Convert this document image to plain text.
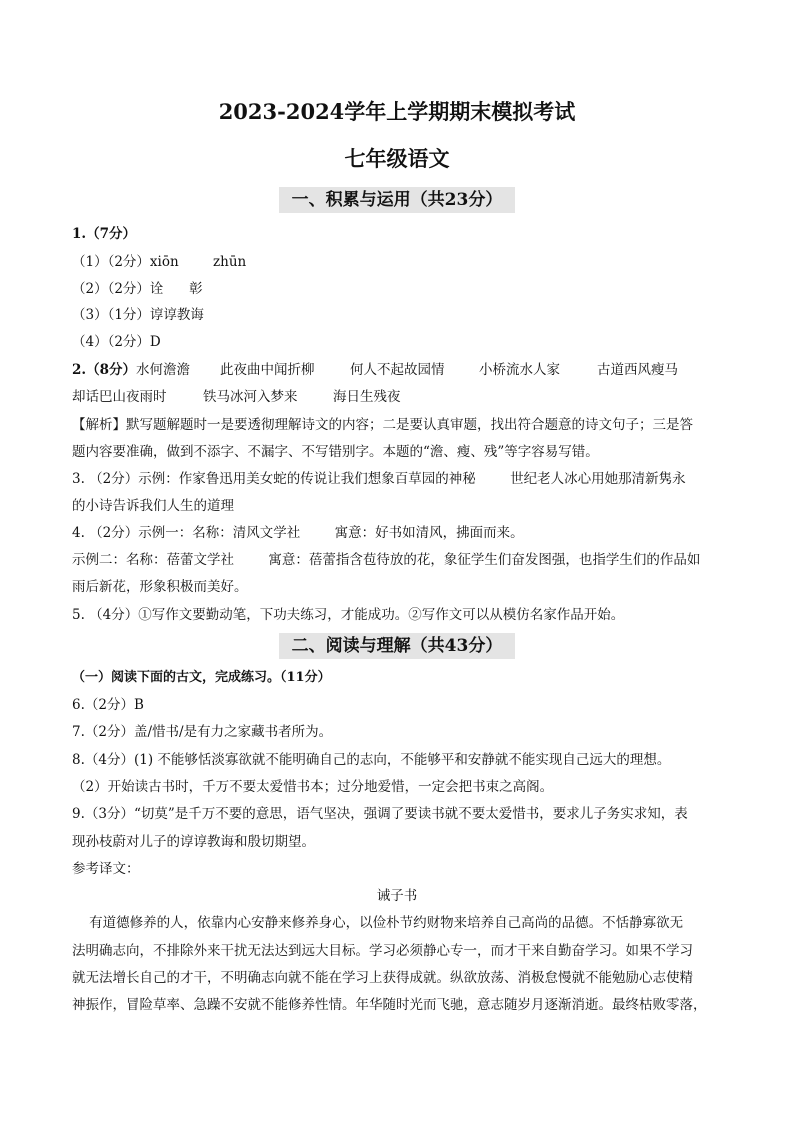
2023-2024学年上学期期末模拟考试
七年级语文
一、积累与运用（共23分）
1.（7分）
（1）（2分）xiōn        zhūn
（2）（2分）诠      彰
（3）（1分）谆谆教诲
（4）（2分）D
2.（8分）水何澹澹 此夜曲中闻折柳	何人不起故园情	小桥流水人家	古道西风瘦马
却话巴山夜雨时	铁马冰河入梦来	海日生残夜
【解析】默写题解题时一是要透彻理解诗文的内容；二是要认真审题，找出符合题意的诗文句子；三是答
题内容要准确，做到不添字、不漏字、不写错别字。本题的“澹、瘦、残”等字容易写错。
3. （2分）示例：作家鲁迅用美女蛇的传说让我们想象百草园的神秘        世纪老人冰心用她那清新隽永
的小诗告诉我们人生的道理
4. （2分）示例一：名称：清风文学社        寓意：好书如清风，拂面而来。
示例二：名称：蓓蕾文学社        寓意：蓓蕾指含苞待放的花，象征学生们奋发图强，也指学生们的作品如
雨后新花，形象积极而美好。
5. （4分）①写作文要勤动笔，下功夫练习，才能成功。②写作文可以从模仿名家作品开始。
二、阅读与理解（共43分）
（一）阅读下面的古文，完成练习。（11分）
6.（2分）B
7.（2分）盖/惜书/是有力之家藏书者所为。
8.（4分）(1) 不能够恬淡寡欲就不能明确自己的志向，不能够平和安静就不能实现自己远大的理想。
（2）开始读古书时，千万不要太爱惜书本；过分地爱惜，一定会把书束之高阁。
9.（3分）“切莫”是千万不要的意思，语气坚决，强调了要读书就不要太爱惜书，要求儿子务实求知，表
现孙枝蔚对儿子的谆谆教诲和殷切期望。
参考译文：
诫子书
有道德修养的人，依靠内心安静来修养身心，以俭朴节约财物来培养自己高尚的品德。不恬静寡欲无
法明确志向，不排除外来干扰无法达到远大目标。学习必须静心专一，而才干来自勤奋学习。如果不学习
就无法增长自己的才干，不明确志向就不能在学习上获得成就。纵欲放荡、消极怠慢就不能勉励心志使精
神振作，冒险草率、急躁不安就不能修养性情。年华随时光而飞驰，意志随岁月逐渐消逝。最终枯败零落，
